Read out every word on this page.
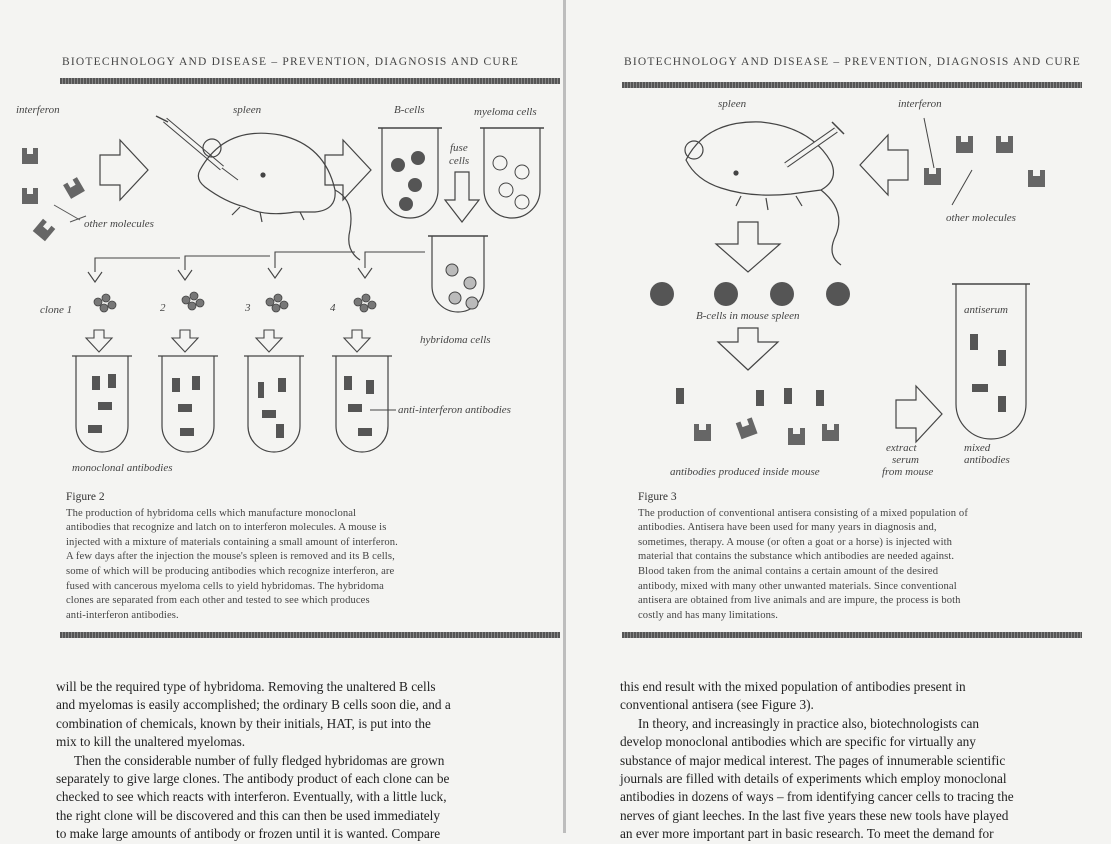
BIOTECHNOLOGY AND DISEASE – PREVENTION, DIAGNOSIS AND CURE
interferon	spleen	B-cells	myeloma cells
fuse
cells
other molecules
clone 1	2	3	4
hybridoma cells
anti-interferon antibodies
monoclonal antibodies
Figure 2
The production of hybridoma cells which manufacture monoclonal
antibodies that recognize and latch on to interferon molecules. A mouse is
injected with a mixture of materials containing a small amount of interferon.
A few days after the injection the mouse's spleen is removed and its B cells,
some of which will be producing antibodies which recognize interferon, are
fused with cancerous myeloma cells to yield hybridomas. The hybridoma
clones are separated from each other and tested to see which produces
anti-interferon antibodies.
will be the required type of hybridoma. Removing the unaltered B cells
and myelomas is easily accomplished; the ordinary B cells soon die, and a
combination of chemicals, known by their initials, HAT, is put into the
mix to kill the unaltered myelomas.
Then the considerable number of fully fledged hybridomas are grown
separately to give large clones. The antibody product of each clone can be
checked to see which reacts with interferon. Eventually, with a little luck,
the right clone will be discovered and this can then be used immediately
to make large amounts of antibody or frozen until it is wanted. Compare
BIOTECHNOLOGY AND DISEASE – PREVENTION, DIAGNOSIS AND CURE
spleen	interferon
other molecules
B-cells in mouse spleen	antiserum
antibodies produced inside mouse
extract
serum
from mouse
mixed
antibodies
Figure 3
The production of conventional antisera consisting of a mixed population of
antibodies. Antisera have been used for many years in diagnosis and,
sometimes, therapy. A mouse (or often a goat or a horse) is injected with
material that contains the substance which antibodies are needed against.
Blood taken from the animal contains a certain amount of the desired
antibody, mixed with many other unwanted materials. Since conventional
antisera are obtained from live animals and are impure, the process is both
costly and has many limitations.
this end result with the mixed population of antibodies present in
conventional antisera (see Figure 3).
In theory, and increasingly in practice also, biotechnologists can
develop monoclonal antibodies which are specific for virtually any
substance of major medical interest. The pages of innumerable scientific
journals are filled with details of experiments which employ monoclonal
antibodies in dozens of ways – from identifying cancer cells to tracing the
nerves of giant leeches. In the last five years these new tools have played
an ever more important part in basic research. To meet the demand for
